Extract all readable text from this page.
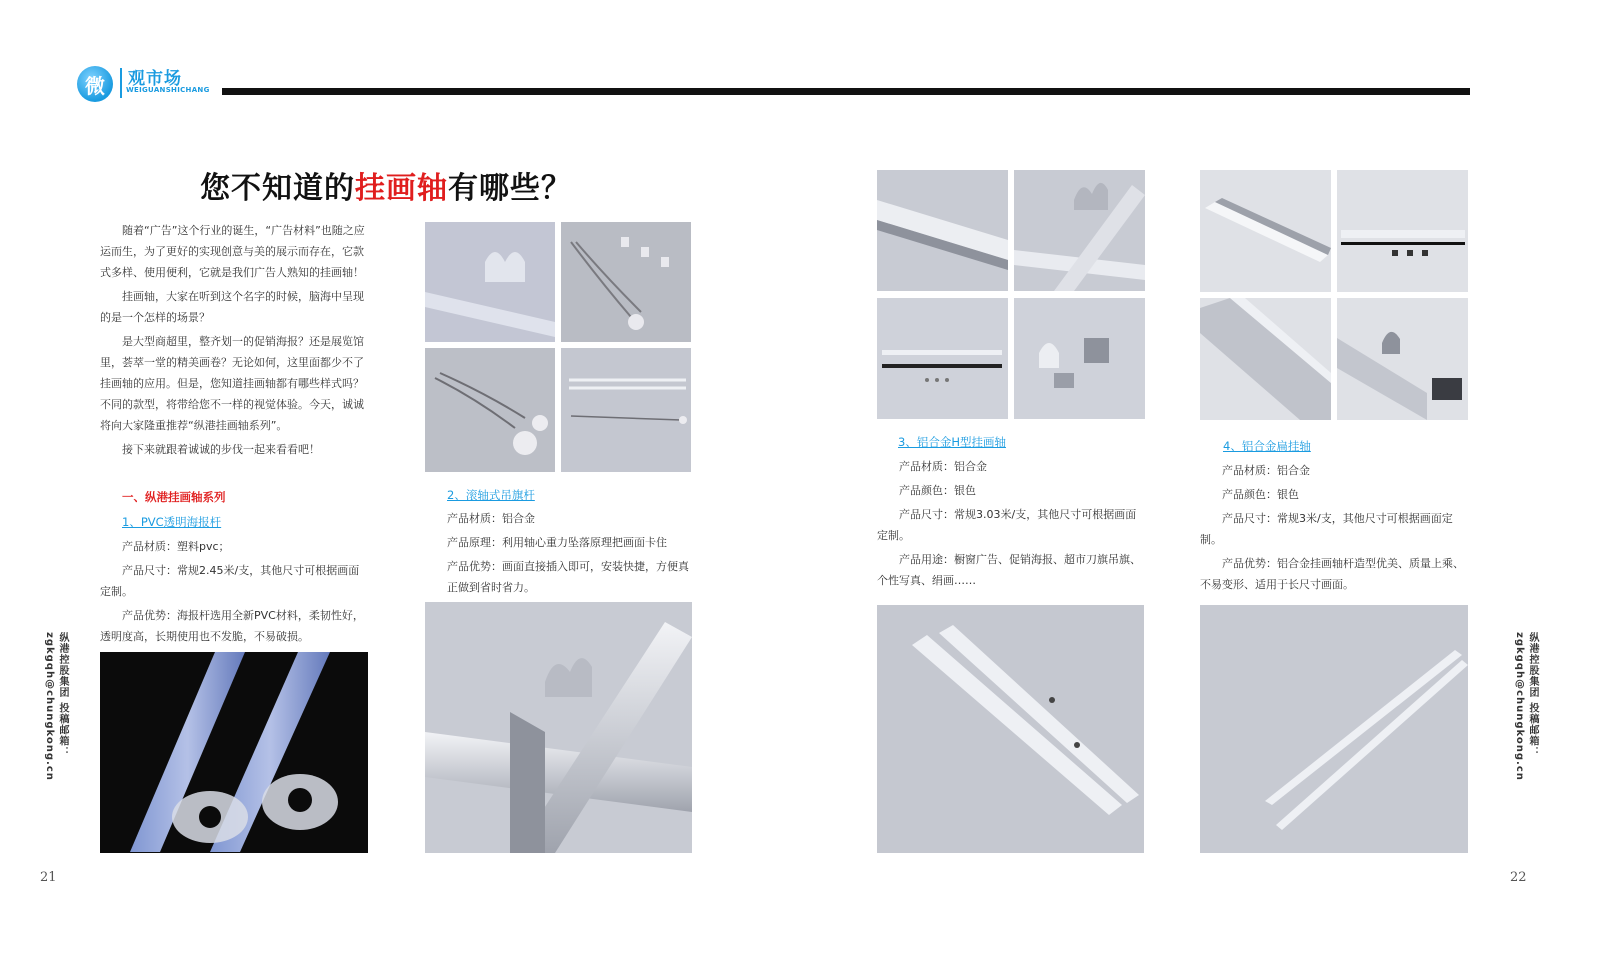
微	观市场
WEIGUANSHICHANG
您不知道的挂画轴有哪些？
随着“广告”这个行业的诞生，“广告材料”也随之应运而生，为了更好的实现创意与美的展示而存在，它款式多样、使用便利，它就是我们广告人熟知的挂画轴！
挂画轴，大家在听到这个名字的时候，脑海中呈现的是一个怎样的场景？
是大型商超里，整齐划一的促销海报？还是展览馆里，荟萃一堂的精美画卷？无论如何，这里面都少不了挂画轴的应用。但是，您知道挂画轴都有哪些样式吗？不同的款型，将带给您不一样的视觉体验。今天，诚诚将向大家隆重推荐“纵港挂画轴系列”。
接下来就跟着诚诚的步伐一起来看看吧！
一、纵港挂画轴系列
1、PVC透明海报杆
产品材质：塑料pvc；
产品尺寸：常规2.45米/支，其他尺寸可根据画面定制。
产品优势：海报杆选用全新PVC材料，柔韧性好，透明度高，长期使用也不发脆，不易破损。
2、滚轴式吊旗杆
产品材质：铝合金
产品原理：利用轴心重力坠落原理把画面卡住
产品优势：画面直接插入即可，安装快捷，方便真正做到省时省力。
3、铝合金H型挂画轴
产品材质：铝合金
产品颜色：银色
产品尺寸：常规3.03米/支，其他尺寸可根据画面定制。
产品用途：橱窗广告、促销海报、超市刀旗吊旗、个性写真、绢画……
4、铝合金扁挂轴
产品材质：铝合金
产品颜色：银色
产品尺寸：常规3米/支，其他尺寸可根据画面定制。
产品优势：铝合金挂画轴杆造型优美、质量上乘、不易变形、适用于长尺寸画面。
纵港控股集团 投稿邮箱：zgkgqh@chungkong.cn	纵港控股集团 投稿邮箱：zgkgqh@chungkong.cn
21	22
